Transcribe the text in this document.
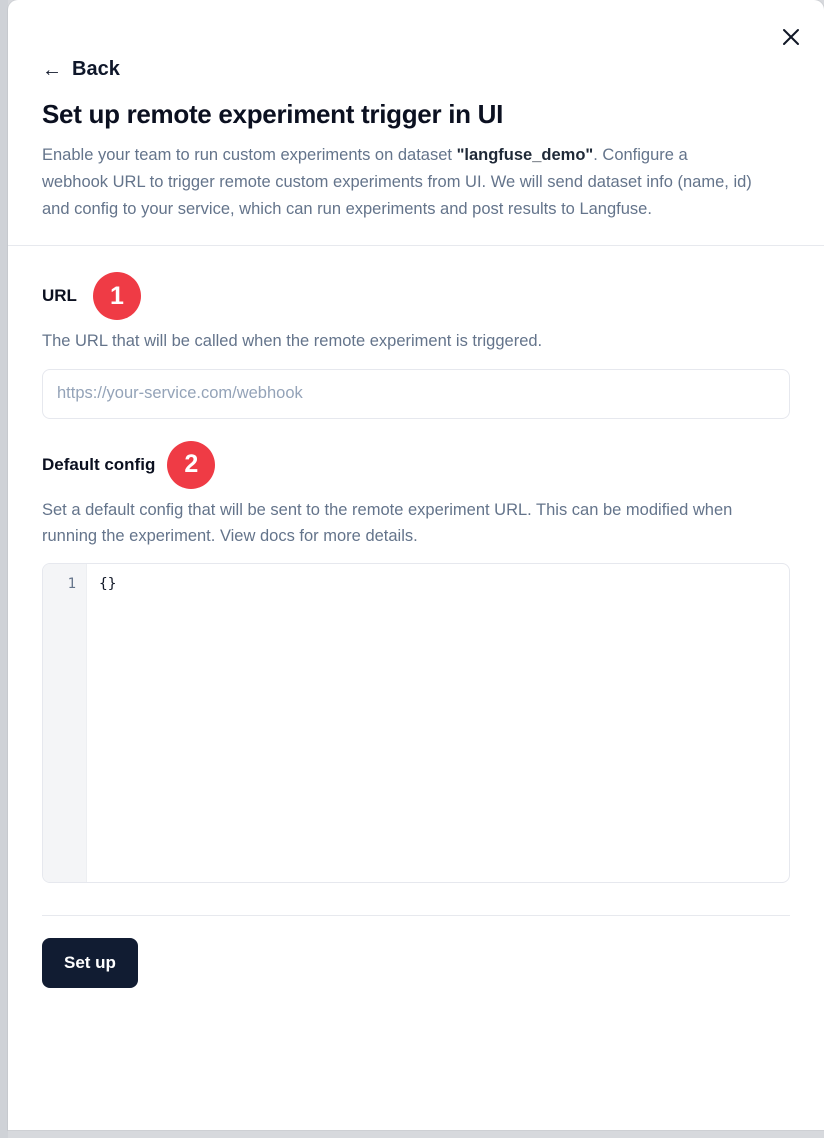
← Back
Set up remote experiment trigger in UI

Enable your team to run custom experiments on dataset "langfuse_demo". Configure a webhook URL to trigger remote custom experiments from UI. We will send dataset info (name, id) and config to your service, which can run experiments and post results to Langfuse.

URL	1
The URL that will be called when the remote experiment is triggered.
https://your-service.com/webhook
Default config	2
Set a default config that will be sent to the remote experiment URL. This can be modified when running the experiment. View docs for more details.
1	{}
Set up
